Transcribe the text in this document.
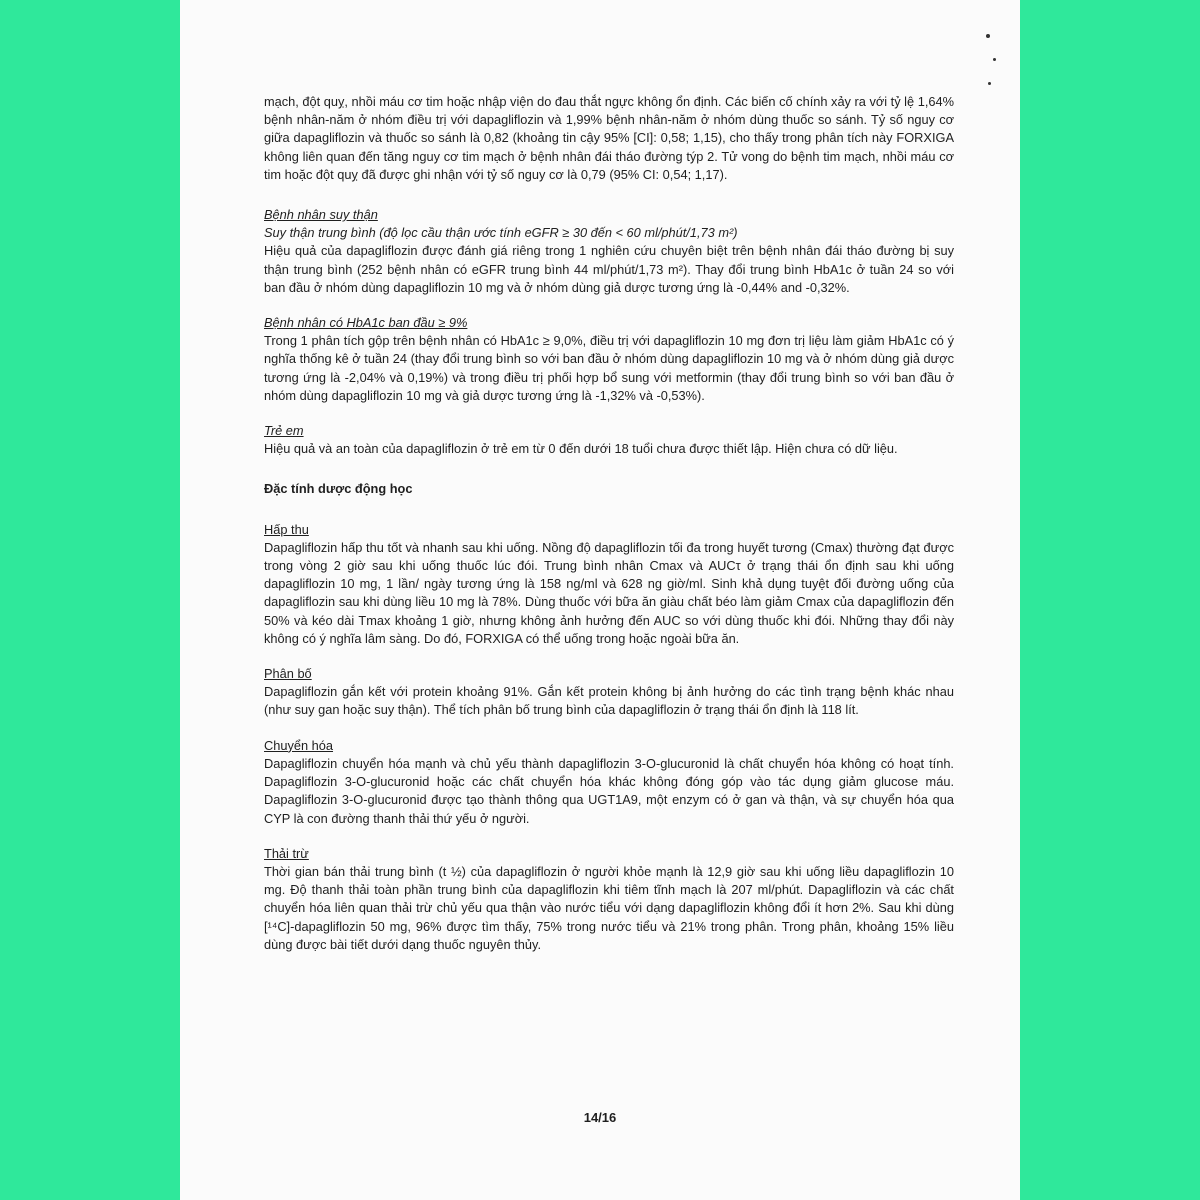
mạch, đột quỵ, nhồi máu cơ tim hoặc nhập viện do đau thắt ngực không ổn định. Các biến cố chính xảy ra với tỷ lệ 1,64% bệnh nhân-năm ở nhóm điều trị với dapagliflozin và 1,99% bệnh nhân-năm ở nhóm dùng thuốc so sánh. Tỷ số nguy cơ giữa dapagliflozin và thuốc so sánh là 0,82 (khoảng tin cậy 95% [CI]: 0,58; 1,15), cho thấy trong phân tích này FORXIGA không liên quan đến tăng nguy cơ tim mạch ở bệnh nhân đái tháo đường týp 2. Tử vong do bệnh tim mạch, nhồi máu cơ tim hoặc đột quỵ đã được ghi nhận với tỷ số nguy cơ là 0,79 (95% CI: 0,54; 1,17).

Bệnh nhân suy thận

Suy thận trung bình (độ lọc cầu thận ước tính eGFR ≥ 30 đến < 60 ml/phút/1,73 m²)

Hiệu quả của dapagliflozin được đánh giá riêng trong 1 nghiên cứu chuyên biệt trên bệnh nhân đái tháo đường bị suy thận trung bình (252 bệnh nhân có eGFR trung bình 44 ml/phút/1,73 m²). Thay đổi trung bình HbA1c ở tuần 24 so với ban đầu ở nhóm dùng dapagliflozin 10 mg và ở nhóm dùng giả dược tương ứng là -0,44% and -0,32%.

Bệnh nhân có HbA1c ban đầu ≥ 9%

Trong 1 phân tích gộp trên bệnh nhân có HbA1c ≥ 9,0%, điều trị với dapagliflozin 10 mg đơn trị liệu làm giảm HbA1c có ý nghĩa thống kê ở tuần 24 (thay đổi trung bình so với ban đầu ở nhóm dùng dapagliflozin 10 mg và ở nhóm dùng giả dược tương ứng là -2,04% và 0,19%) và trong điều trị phối hợp bổ sung với metformin (thay đổi trung bình so với ban đầu ở nhóm dùng dapagliflozin 10 mg và giả dược tương ứng là -1,32% và -0,53%).

Trẻ em

Hiệu quả và an toàn của dapagliflozin ở trẻ em từ 0 đến dưới 18 tuổi chưa được thiết lập. Hiện chưa có dữ liệu.

Đặc tính dược động học

Hấp thu

Dapagliflozin hấp thu tốt và nhanh sau khi uống. Nồng độ dapagliflozin tối đa trong huyết tương (Cmax) thường đạt được trong vòng 2 giờ sau khi uống thuốc lúc đói. Trung bình nhân Cmax và AUCτ ở trạng thái ổn định sau khi uống dapagliflozin 10 mg, 1 lần/ ngày tương ứng là 158 ng/ml và 628 ng giờ/ml. Sinh khả dụng tuyệt đối đường uống của dapagliflozin sau khi dùng liều 10 mg là 78%. Dùng thuốc với bữa ăn giàu chất béo làm giảm Cmax của dapagliflozin đến 50% và kéo dài Tmax khoảng 1 giờ, nhưng không ảnh hưởng đến AUC so với dùng thuốc khi đói. Những thay đổi này không có ý nghĩa lâm sàng. Do đó, FORXIGA có thể uống trong hoặc ngoài bữa ăn.

Phân bố

Dapagliflozin gắn kết với protein khoảng 91%. Gắn kết protein không bị ảnh hưởng do các tình trạng bệnh khác nhau (như suy gan hoặc suy thận). Thể tích phân bố trung bình của dapagliflozin ở trạng thái ổn định là 118 lít.

Chuyển hóa

Dapagliflozin chuyển hóa mạnh và chủ yếu thành dapagliflozin 3-O-glucuronid là chất chuyển hóa không có hoạt tính. Dapagliflozin 3-O-glucuronid hoặc các chất chuyển hóa khác không đóng góp vào tác dụng giảm glucose máu. Dapagliflozin 3-O-glucuronid được tạo thành thông qua UGT1A9, một enzym có ở gan và thận, và sự chuyển hóa qua CYP là con đường thanh thải thứ yếu ở người.

Thải trừ

Thời gian bán thải trung bình (t ½) của dapagliflozin ở người khỏe mạnh là 12,9 giờ sau khi uống liều dapagliflozin 10 mg. Độ thanh thải toàn phần trung bình của dapagliflozin khi tiêm tĩnh mạch là 207 ml/phút. Dapagliflozin và các chất chuyển hóa liên quan thải trừ chủ yếu qua thận vào nước tiểu với dạng dapagliflozin không đổi ít hơn 2%. Sau khi dùng [¹⁴C]-dapagliflozin 50 mg, 96% được tìm thấy, 75% trong nước tiểu và 21% trong phân. Trong phân, khoảng 15% liều dùng được bài tiết dưới dạng thuốc nguyên thủy.

14/16
